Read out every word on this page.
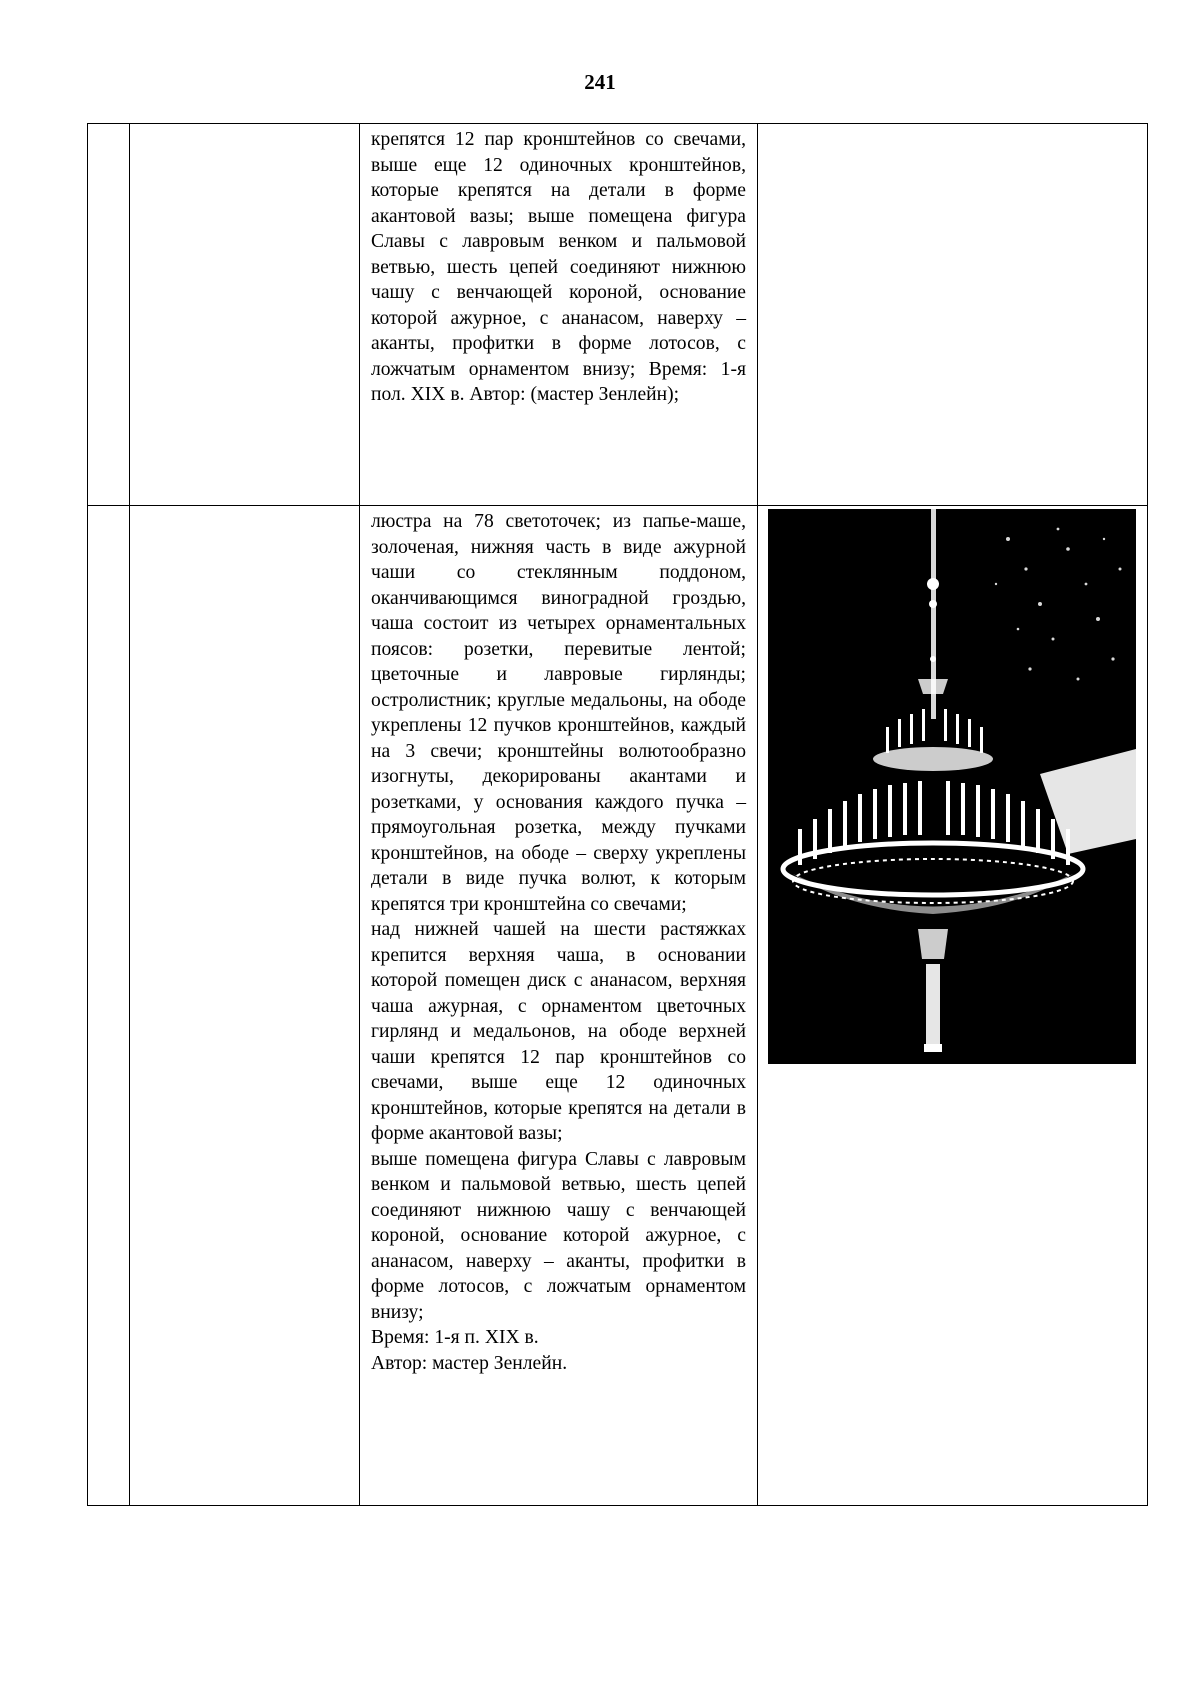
241

		крепятся 12 пар кронштейнов со свечами, выше еще 12 одиночных кронштейнов, которые крепятся на детали в форме акантовой вазы; выше помещена фигура Славы с лавровым венком и пальмовой ветвью, шесть цепей соединяют нижнюю чашу с венчающей короной, основание которой ажурное, с ананасом, наверху – аканты, профитки в форме лотосов, с ложчатым орнаментом внизу; Время: 1-я пол. XIX в. Автор: (мастер Зенлейн);	

		люстра на 78 светоточек; из папье-маше, золоченая, нижняя часть в виде ажурной чаши со стеклянным поддоном, оканчивающимся виноградной гроздью, чаша состоит из четырех орнаментальных поясов: розетки, перевитые лентой; цветочные и лавровые гирлянды; остролистник; круглые медальоны, на ободе укреплены 12 пучков кронштейнов, каждый на 3 свечи; кронштейны волютообразно изогнуты, декорированы акантами и розетками, у основания каждого пучка – прямоугольная розетка, между пучками кронштейнов, на ободе – сверху укреплены детали в виде пучка волют, к которым крепятся три кронштейна со свечами;

над нижней чашей на шести растяжках крепится верхняя чаша, в основании которой помещен диск с ананасом, верхняя чаша ажурная, с орнаментом цветочных гирлянд и медальонов, на ободе верхней чаши крепятся 12 пар кронштейнов со свечами, выше еще 12 одиночных кронштейнов, которые крепятся на детали в форме акантовой вазы;

выше помещена фигура Славы с лавровым венком и пальмовой ветвью, шесть цепей соединяют нижнюю чашу с венчающей короной, основание которой ажурное, с ананасом, наверху – аканты, профитки в форме лотосов, с ложчатым орнаментом внизу;

Время: 1-я п. XIX в.

Автор: мастер Зенлейн.
